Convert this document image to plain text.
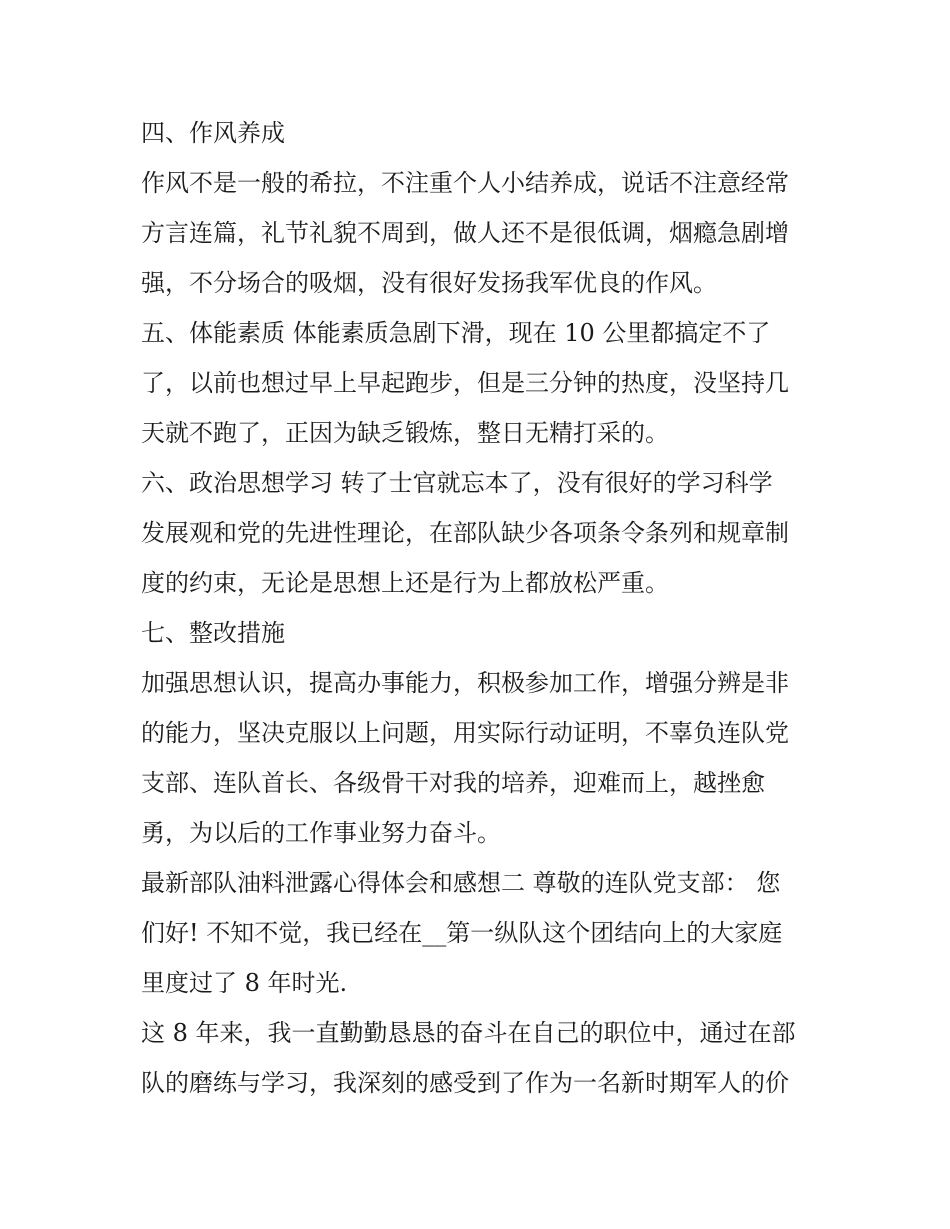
四、作风养成
作风不是一般的希拉，不注重个人小结养成，说话不注意经常
方言连篇，礼节礼貌不周到，做人还不是很低调，烟瘾急剧增
强，不分场合的吸烟，没有很好发扬我军优良的作风。
五、体能素质 体能素质急剧下滑，现在 10 公里都搞定不了
了，以前也想过早上早起跑步，但是三分钟的热度，没坚持几
天就不跑了，正因为缺乏锻炼，整日无精打采的。
六、政治思想学习 转了士官就忘本了，没有很好的学习科学
发展观和党的先进性理论，在部队缺少各项条令条列和规章制
度的约束，无论是思想上还是行为上都放松严重。
七、整改措施
加强思想认识，提高办事能力，积极参加工作，增强分辨是非
的能力，坚决克服以上问题，用实际行动证明，不辜负连队党
支部、连队首长、各级骨干对我的培养，迎难而上，越挫愈
勇，为以后的工作事业努力奋斗。
最新部队油料泄露心得体会和感想二 尊敬的连队党支部： 您
们好! 不知不觉，我已经在__第一纵队这个团结向上的大家庭
里度过了 8 年时光.
这 8 年来，我一直勤勤恳恳的奋斗在自己的职位中，通过在部
队的磨练与学习，我深刻的感受到了作为一名新时期军人的价
